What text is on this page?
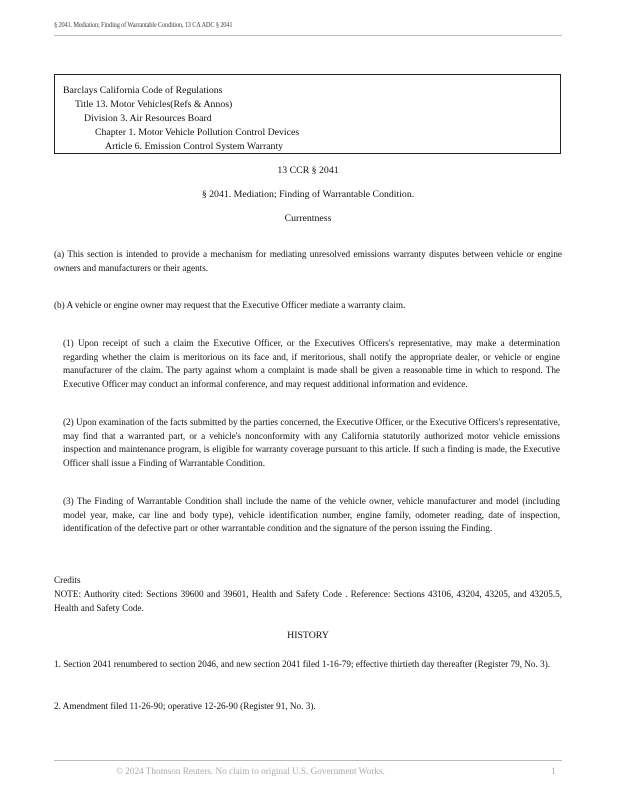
§ 2041. Mediation; Finding of Warrantable Condition, 13 CA ADC § 2041
Barclays California Code of Regulations
Title 13. Motor Vehicles(Refs & Annos)
Division 3. Air Resources Board
Chapter 1. Motor Vehicle Pollution Control Devices
Article 6. Emission Control System Warranty
13 CCR § 2041
§ 2041. Mediation; Finding of Warrantable Condition.
Currentness
(a) This section is intended to provide a mechanism for mediating unresolved emissions warranty disputes between vehicle or engine owners and manufacturers or their agents.
(b) A vehicle or engine owner may request that the Executive Officer mediate a warranty claim.
(1) Upon receipt of such a claim the Executive Officer, or the Executives Officers's representative, may make a determination regarding whether the claim is meritorious on its face and, if meritorious, shall notify the appropriate dealer, or vehicle or engine manufacturer of the claim. The party against whom a complaint is made shall be given a reasonable time in which to respond. The Executive Officer may conduct an informal conference, and may request additional information and evidence.
(2) Upon examination of the facts submitted by the parties concerned, the Executive Officer, or the Executive Officers's representative, may find that a warranted part, or a vehicle's nonconformity with any California statutorily authorized motor vehicle emissions inspection and maintenance program, is eligible for warranty coverage pursuant to this article. If such a finding is made, the Executive Officer shall issue a Finding of Warrantable Condition.
(3) The Finding of Warrantable Condition shall include the name of the vehicle owner, vehicle manufacturer and model (including model year, make, car line and body type), vehicle identification number, engine family, odometer reading, date of inspection, identification of the defective part or other warrantable condition and the signature of the person issuing the Finding.
Credits
NOTE: Authority cited: Sections 39600 and 39601, Health and Safety Code . Reference: Sections 43106, 43204, 43205, and 43205.5, Health and Safety Code.
HISTORY
1. Section 2041 renumbered to section 2046, and new section 2041 filed 1-16-79; effective thirtieth day thereafter (Register 79, No. 3).
2. Amendment filed 11-26-90; operative 12-26-90 (Register 91, No. 3).
© 2024 Thomson Reuters. No claim to original U.S. Government Works.	1
